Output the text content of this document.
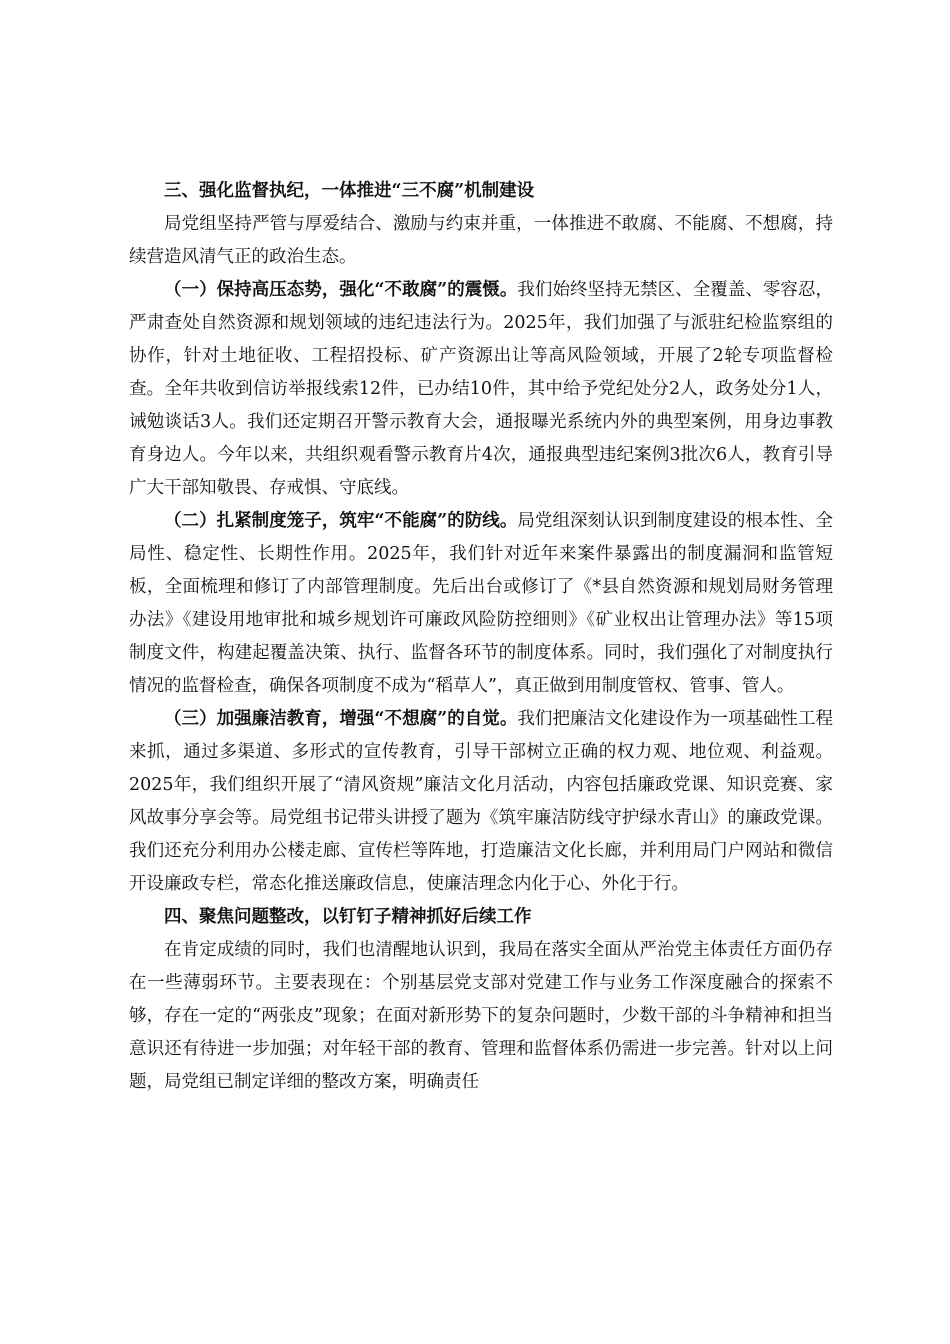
三、强化监督执纪，一体推进“三不腐”机制建设

局党组坚持严管与厚爱结合、激励与约束并重，一体推进不敢腐、不能腐、不想腐，持续营造风清气正的政治生态。

（一）保持高压态势，强化“不敢腐”的震慑。我们始终坚持无禁区、全覆盖、零容忍，严肃查处自然资源和规划领域的违纪违法行为。2025年，我们加强了与派驻纪检监察组的协作，针对土地征收、工程招投标、矿产资源出让等高风险领域，开展了2轮专项监督检查。全年共收到信访举报线索12件，已办结10件，其中给予党纪处分2人，政务处分1人，诫勉谈话3人。我们还定期召开警示教育大会，通报曝光系统内外的典型案例，用身边事教育身边人。今年以来，共组织观看警示教育片4次，通报典型违纪案例3批次6人，教育引导广大干部知敬畏、存戒惧、守底线。

（二）扎紧制度笼子，筑牢“不能腐”的防线。局党组深刻认识到制度建设的根本性、全局性、稳定性、长期性作用。2025年，我们针对近年来案件暴露出的制度漏洞和监管短板，全面梳理和修订了内部管理制度。先后出台或修订了《*县自然资源和规划局财务管理办法》《建设用地审批和城乡规划许可廉政风险防控细则》《矿业权出让管理办法》等15项制度文件，构建起覆盖决策、执行、监督各环节的制度体系。同时，我们强化了对制度执行情况的监督检查，确保各项制度不成为“稻草人”，真正做到用制度管权、管事、管人。

（三）加强廉洁教育，增强“不想腐”的自觉。我们把廉洁文化建设作为一项基础性工程来抓，通过多渠道、多形式的宣传教育，引导干部树立正确的权力观、地位观、利益观。2025年，我们组织开展了“清风资规”廉洁文化月活动，内容包括廉政党课、知识竞赛、家风故事分享会等。局党组书记带头讲授了题为《筑牢廉洁防线守护绿水青山》的廉政党课。我们还充分利用办公楼走廊、宣传栏等阵地，打造廉洁文化长廊，并利用局门户网站和微信开设廉政专栏，常态化推送廉政信息，使廉洁理念内化于心、外化于行。

四、聚焦问题整改，以钉钉子精神抓好后续工作

在肯定成绩的同时，我们也清醒地认识到，我局在落实全面从严治党主体责任方面仍存在一些薄弱环节。主要表现在：个别基层党支部对党建工作与业务工作深度融合的探索不够，存在一定的“两张皮”现象；在面对新形势下的复杂问题时，少数干部的斗争精神和担当意识还有待进一步加强；对年轻干部的教育、管理和监督体系仍需进一步完善。针对以上问题，局党组已制定详细的整改方案，明确责任
